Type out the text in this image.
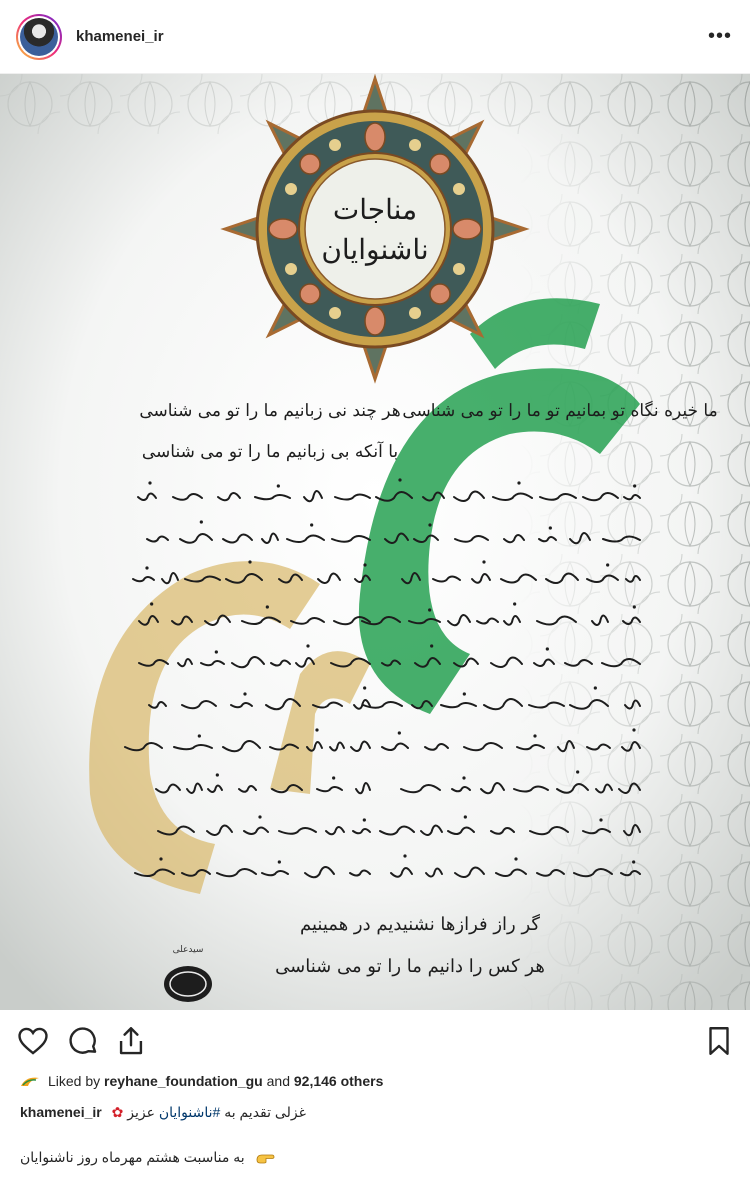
khamenei_ir	•••
مناجات
ناشنوایان
ما خیره نگاه تو بمانیم تو ما را تو می شناسی
هر چند نی زبانیم ما را تو می شناسی
با آنکه بی زبانیم ما را تو می شناسی
گر راز فرازها نشنیدیم در همینیم
هر کس را دانیم ما را تو می شناسی
سیدعلی
Liked by
reyhane_foundation_gu
and
92,146 others
khamenei_ir	غزلی تقدیم به #ناشنوایان عزیز ✿
به مناسبت هشتم مهرماه روز ناشنوایان
